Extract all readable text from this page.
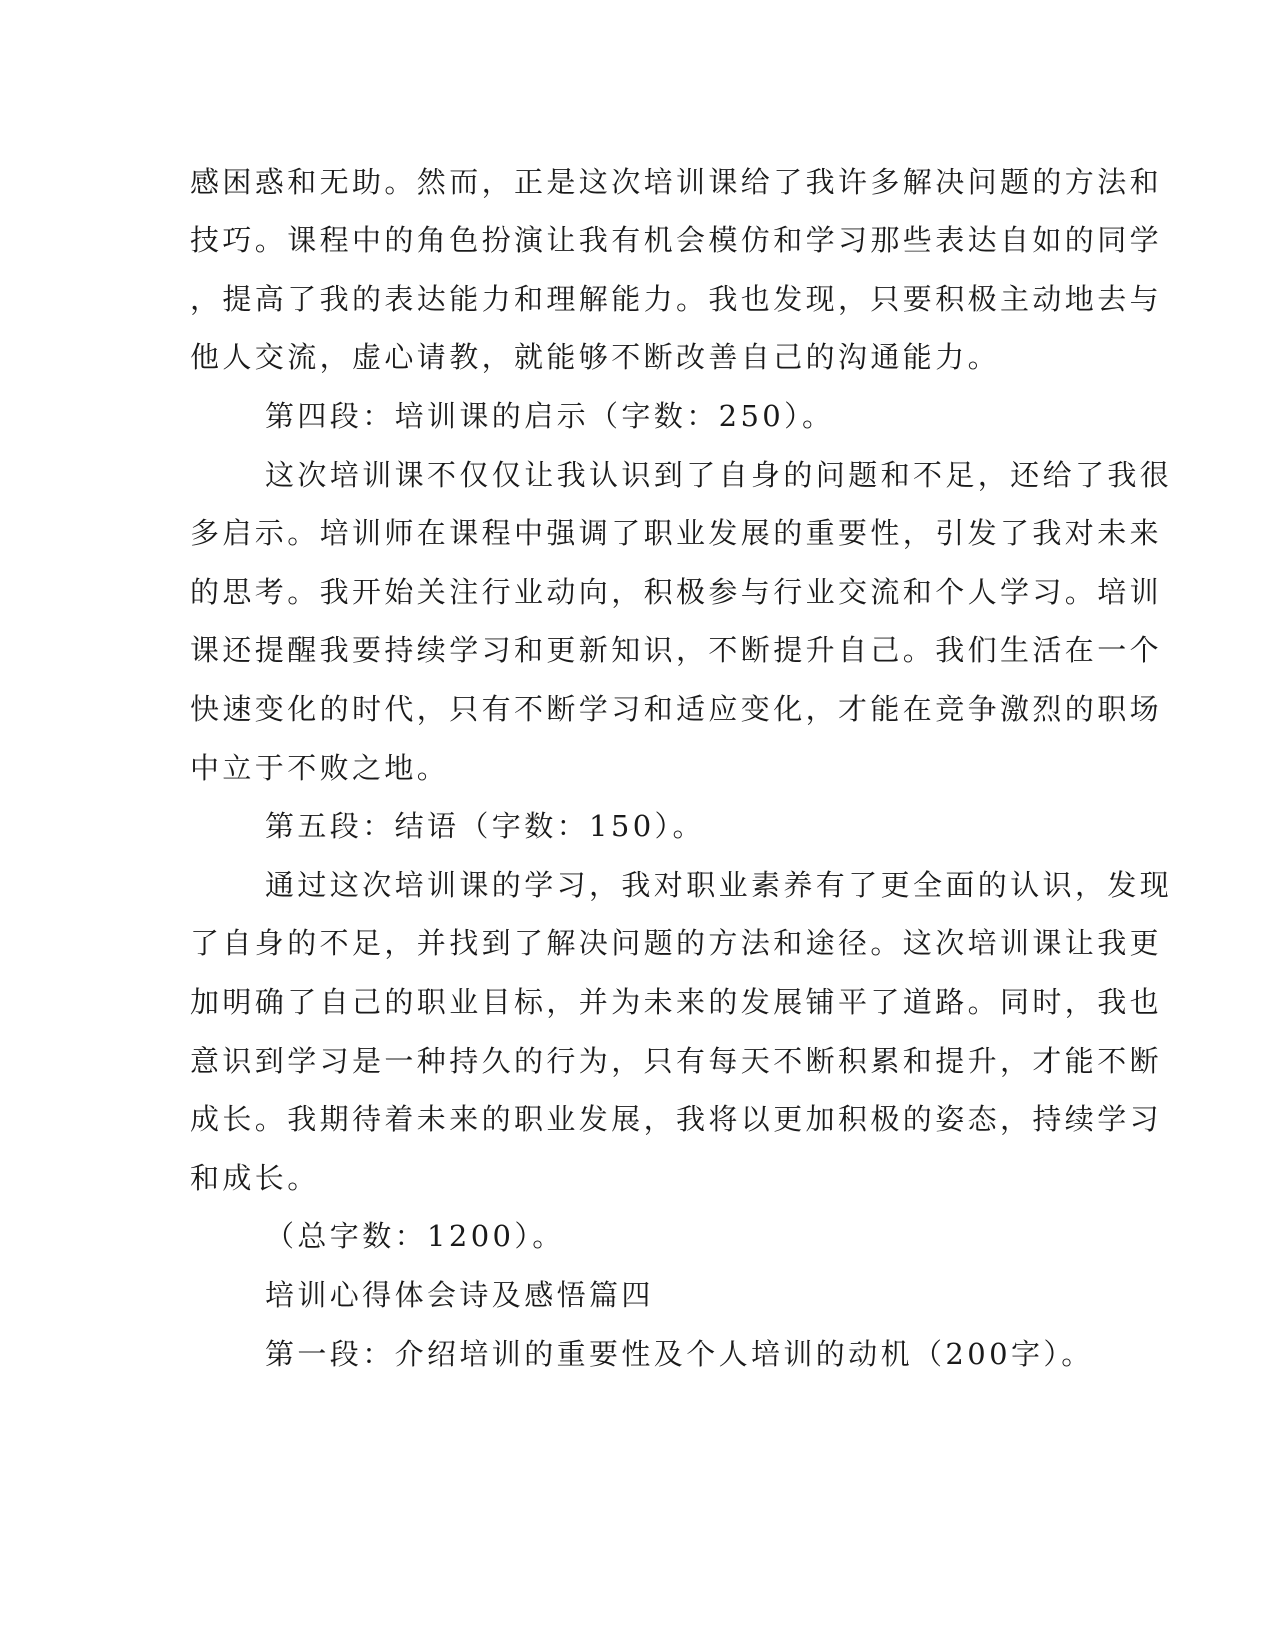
感困惑和无助。然而，正是这次培训课给了我许多解决问题的方法和

技巧。课程中的角色扮演让我有机会模仿和学习那些表达自如的同学

，提高了我的表达能力和理解能力。我也发现，只要积极主动地去与

他人交流，虚心请教，就能够不断改善自己的沟通能力。

第四段：培训课的启示（字数：250）。

这次培训课不仅仅让我认识到了自身的问题和不足，还给了我很

多启示。培训师在课程中强调了职业发展的重要性，引发了我对未来

的思考。我开始关注行业动向，积极参与行业交流和个人学习。培训

课还提醒我要持续学习和更新知识，不断提升自己。我们生活在一个

快速变化的时代，只有不断学习和适应变化，才能在竞争激烈的职场

中立于不败之地。

第五段：结语（字数：150）。

通过这次培训课的学习，我对职业素养有了更全面的认识，发现

了自身的不足，并找到了解决问题的方法和途径。这次培训课让我更

加明确了自己的职业目标，并为未来的发展铺平了道路。同时，我也

意识到学习是一种持久的行为，只有每天不断积累和提升，才能不断

成长。我期待着未来的职业发展，我将以更加积极的姿态，持续学习

和成长。

（总字数：1200）。

培训心得体会诗及感悟篇四

第一段：介绍培训的重要性及个人培训的动机（200字）。
